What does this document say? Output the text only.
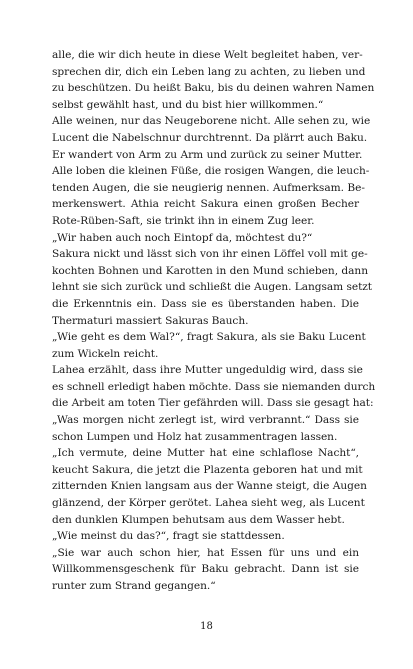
alle, die wir dich heute in diese Welt begleitet haben, ver-
sprechen dir, dich ein Leben lang zu achten, zu lieben und
zu beschützen. Du heißt Baku, bis du deinen wahren Namen
selbst gewählt hast, und du bist hier willkommen.“
Alle weinen, nur das Neugeborene nicht. Alle sehen zu, wie
Lucent die Nabelschnur durchtrennt. Da plärrt auch Baku.
Er wandert von Arm zu Arm und zurück zu seiner Mutter.
Alle loben die kleinen Füße, die rosigen Wangen, die leuch-
tenden Augen, die sie neugierig nennen. Aufmerksam. Be-
merkenswert. Athia reicht Sakura einen großen Becher
Rote-Rüben-Saft, sie trinkt ihn in einem Zug leer.
„Wir haben auch noch Eintopf da, möchtest du?“
Sakura nickt und lässt sich von ihr einen Löffel voll mit ge-
kochten Bohnen und Karotten in den Mund schieben, dann
lehnt sie sich zurück und schließt die Augen. Langsam setzt
die Erkenntnis ein. Dass sie es überstanden haben. Die
Thermaturi massiert Sakuras Bauch.
„Wie geht es dem Wal?“, fragt Sakura, als sie Baku Lucent
zum Wickeln reicht.
Lahea erzählt, dass ihre Mutter ungeduldig wird, dass sie
es schnell erledigt haben möchte. Dass sie niemanden durch
die Arbeit am toten Tier gefährden will. Dass sie gesagt hat:
„Was morgen nicht zerlegt ist, wird verbrannt.“ Dass sie
schon Lumpen und Holz hat zusammentragen lassen.
„Ich vermute, deine Mutter hat eine schlaflose Nacht“,
keucht Sakura, die jetzt die Plazenta geboren hat und mit
zitternden Knien langsam aus der Wanne steigt, die Augen
glänzend, der Körper gerötet. Lahea sieht weg, als Lucent
den dunklen Klumpen behutsam aus dem Wasser hebt.
„Wie meinst du das?“, fragt sie stattdessen.
„Sie war auch schon hier, hat Essen für uns und ein
Willkommensgeschenk für Baku gebracht. Dann ist sie
runter zum Strand gegangen.“
18
